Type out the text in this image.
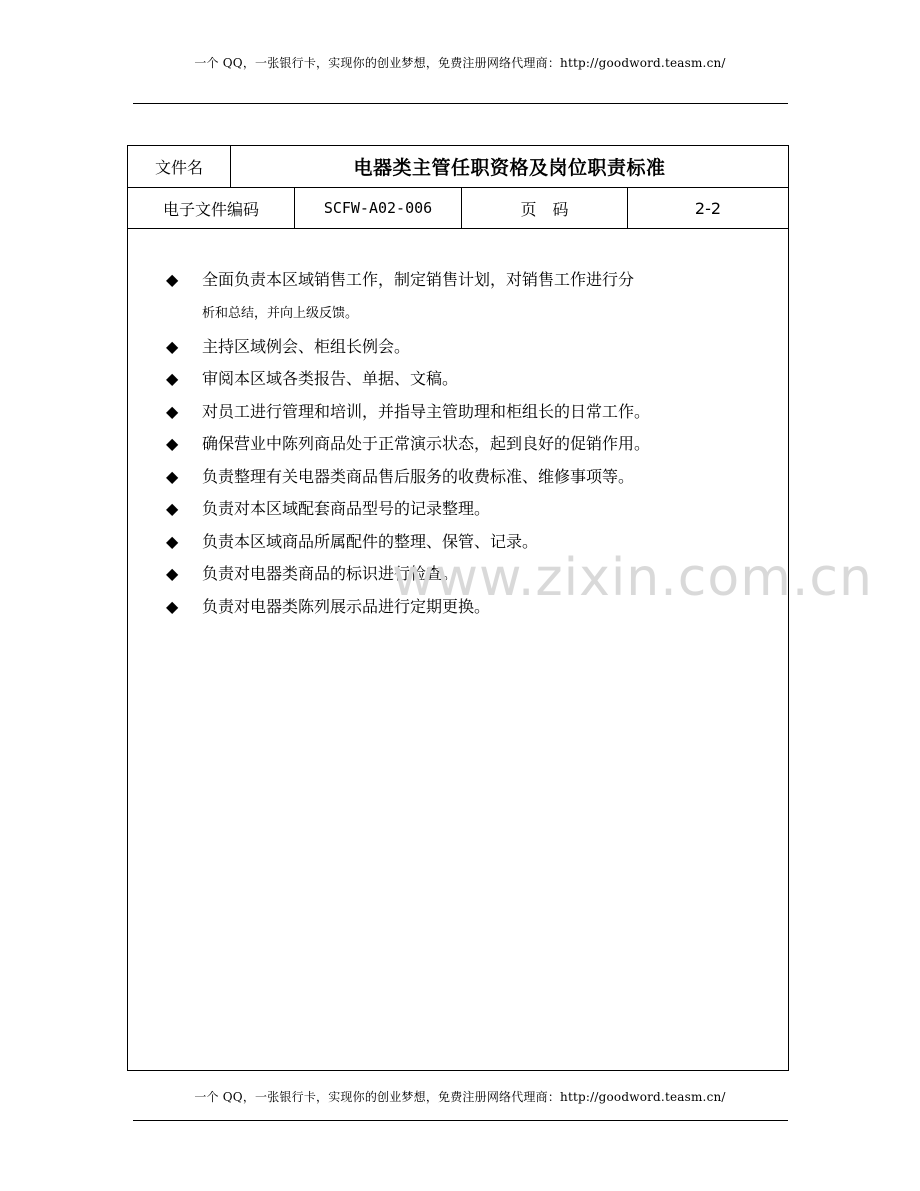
一个 QQ，一张银行卡，实现你的创业梦想，免费注册网络代理商：http://goodword.teasm.cn/
文件名	电器类主管任职资格及岗位职责标准
电子文件编码	SCFW-A02-006	页　码	2-2
◆ 全面负责本区域销售工作，制定销售计划，对销售工作进行分
析和总结，并向上级反馈。
◆ 主持区域例会、柜组长例会。
◆ 审阅本区域各类报告、单据、文稿。
◆ 对员工进行管理和培训，并指导主管助理和柜组长的日常工作。
◆ 确保营业中陈列商品处于正常演示状态，起到良好的促销作用。
◆ 负责整理有关电器类商品售后服务的收费标准、维修事项等。
◆ 负责对本区域配套商品型号的记录整理。
◆ 负责本区域商品所属配件的整理、保管、记录。
◆ 负责对电器类商品的标识进行检查。
◆ 负责对电器类陈列展示品进行定期更换。
www.zixin.com.cn
一个 QQ，一张银行卡，实现你的创业梦想，免费注册网络代理商：http://goodword.teasm.cn/
